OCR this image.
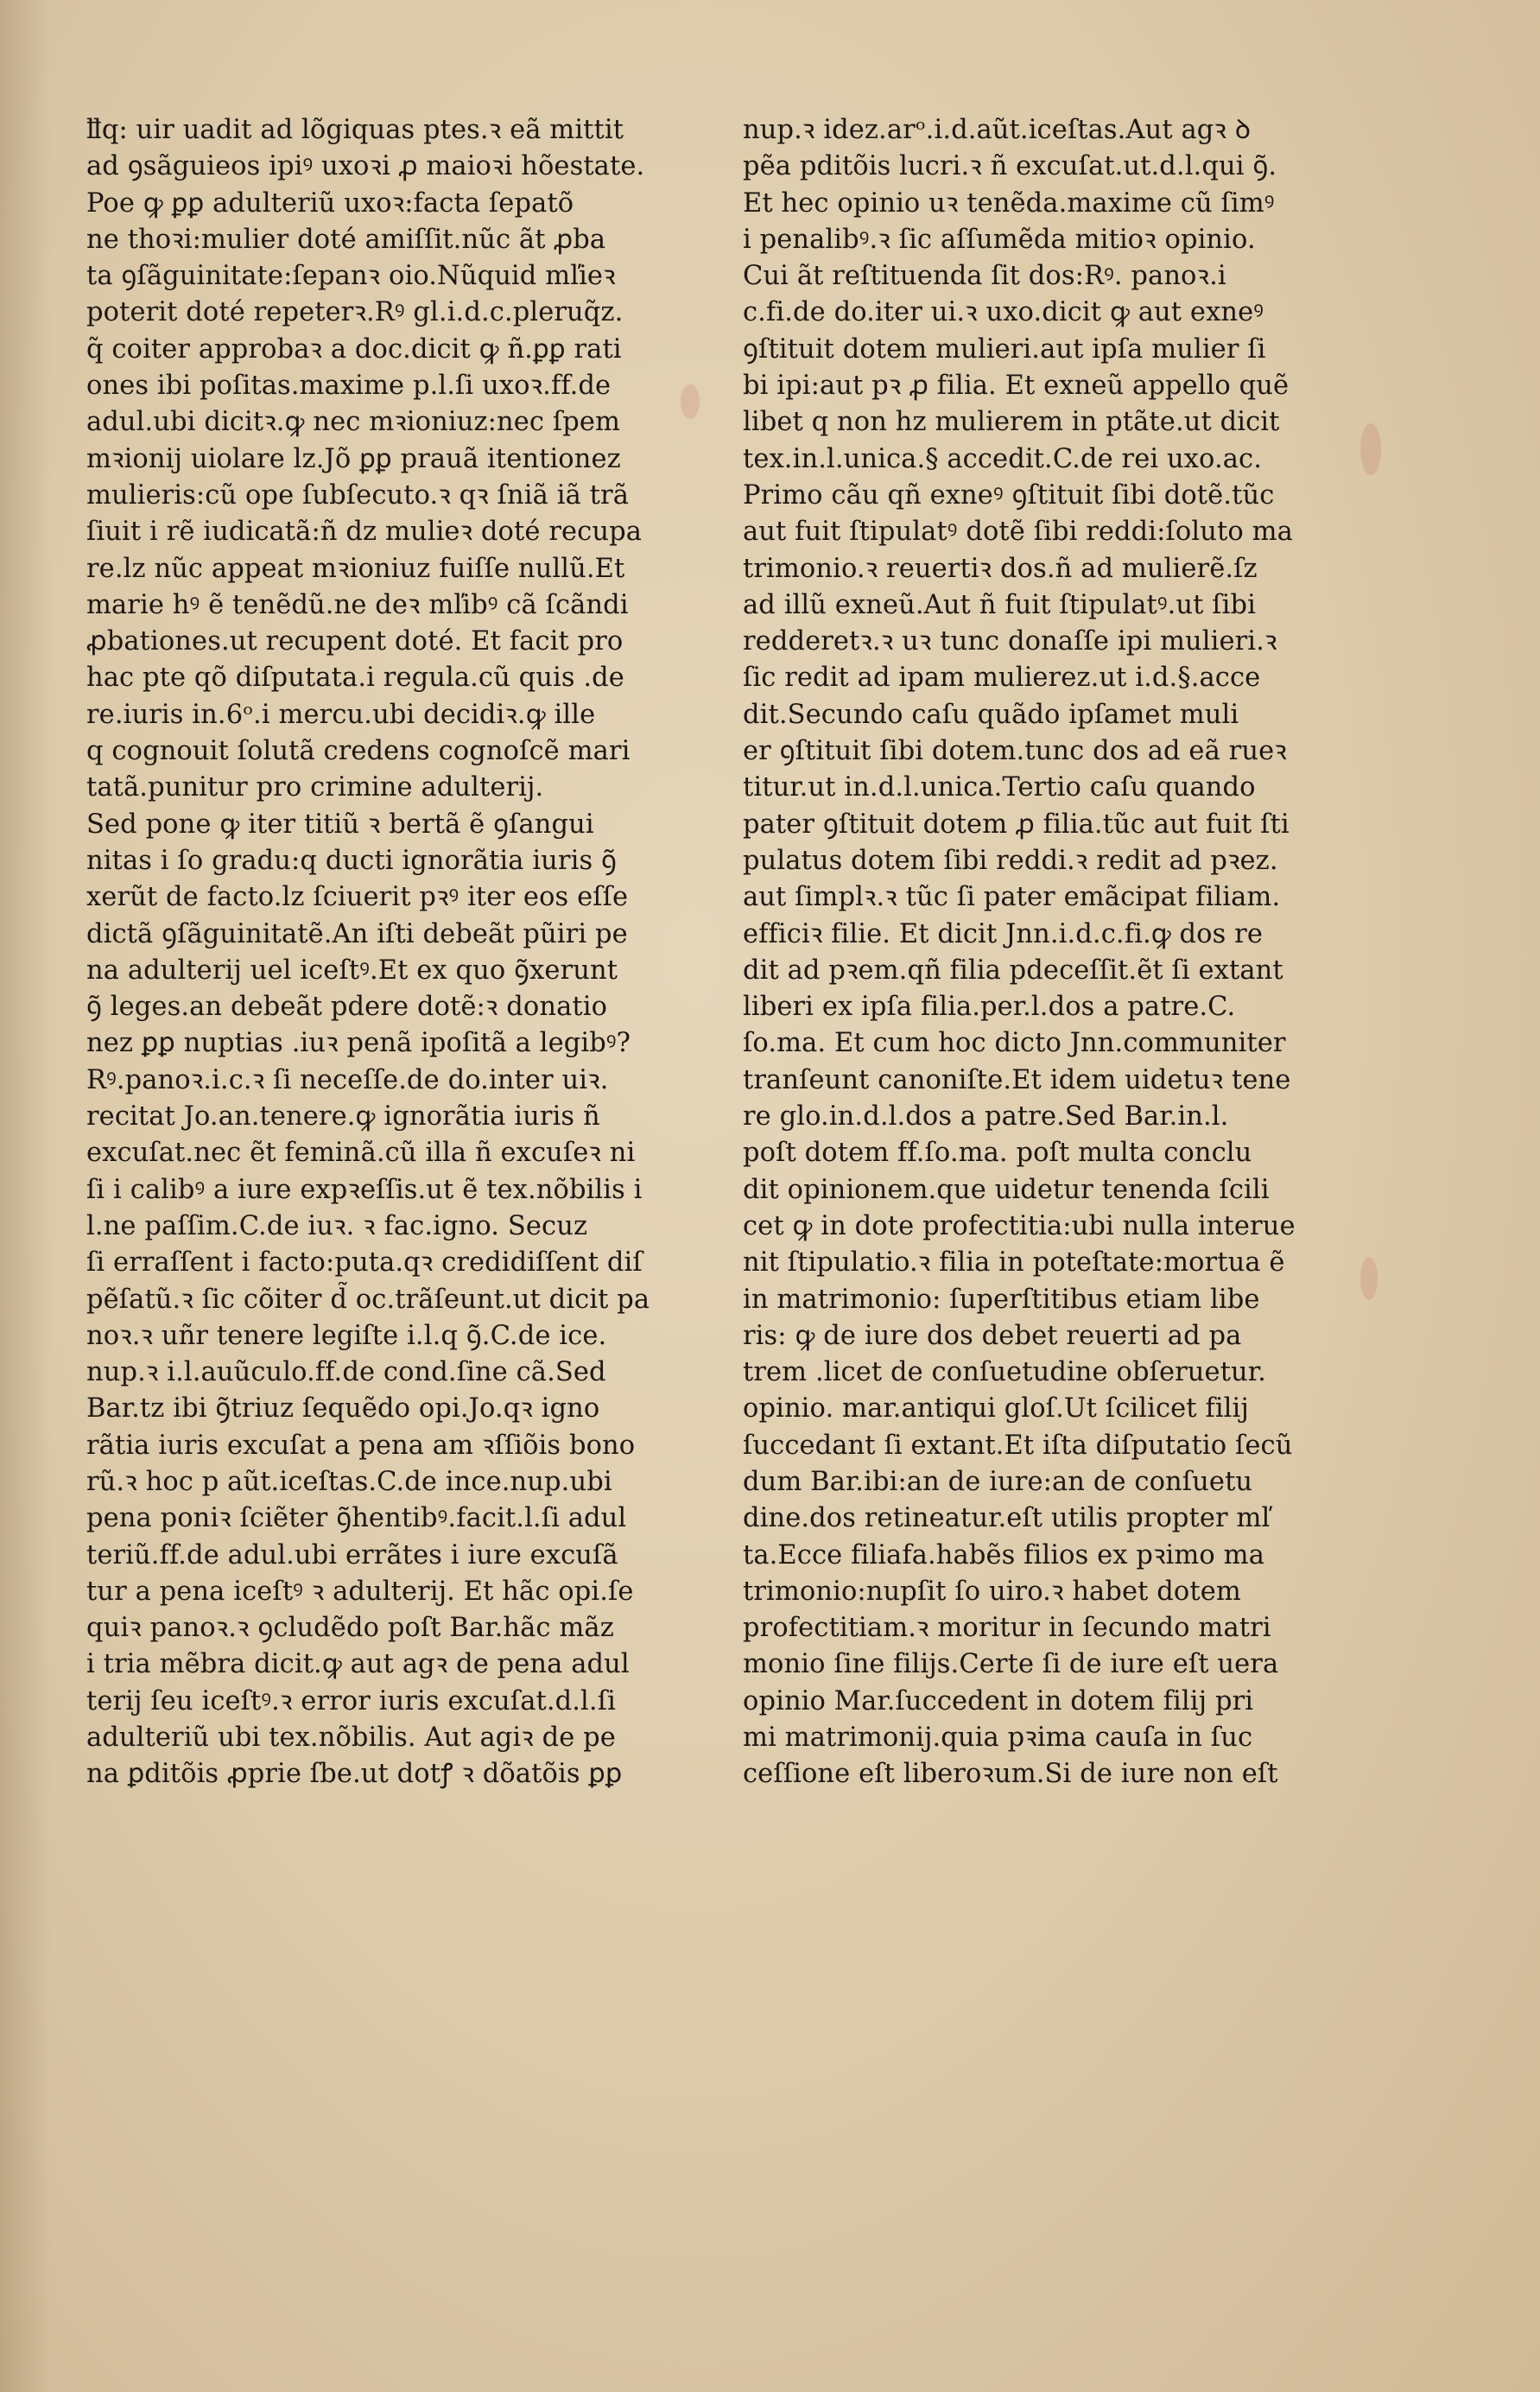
ỻq: uir uadit ad lõgiquas ptes.ꝛ eã mittit

ad ꝯsãguieos ipiꝰ uxoꝛi ꝓ maioꝛi hõestate.

Poe ꝙ ꝑꝑ adulteriũ uxoꝛ:facta ſepatõ

ne thoꝛi:mulier doté amiſſit.nũc ãt ꝓba

ta ꝯſãguinitate:ſepanꝛ oio.Nũquid mľieꝛ

poterit doté repeterꝛ.Rꝰ gl.i.d.c.pleruq̃z.

q̃ coiter approbaꝛ a doc.dicit ꝙ ñ.ꝑꝑ rati

ones ibi poſitas.maxime p.l.ſi uxoꝛ.ff.de

adul.ubi dicitꝛ.ꝙ nec mꝛioniuz:nec ſpem

mꝛionij uiolare lz.Jõ ꝑꝑ prauã itentionez

mulieris:cũ ope ſubſecuto.ꝛ qꝛ ſniã iã trã

ſiuit i rẽ iudicatã:ñ dz mulieꝛ doté recupa

re.lz nũc appeat mꝛioniuz fuiſſe nullũ.Et

marie hꝰ ẽ tenẽdũ.ne deꝛ mľibꝰ cã ſcãndi

ꝓbationes.ut recupent doté. Et facit pro

hac pte qõ diſputata.i regula.cũ quis .de

re.iuris in.6ᵒ.i mercu.ubi decidiꝛ.ꝙ ille

q cognouit ſolutã credens cognoſcẽ mari

tatã.punitur pro crimine adulterij.

Sed pone ꝙ iter titiũ ꝛ bertã ẽ ꝯſangui

nitas i ſo gradu:q ducti ignorãtia iuris ꝯ̃

xerũt de facto.lz ſciuerit pꝛꝰ iter eos eſſe

dictã ꝯſãguinitatẽ.An iſti debeãt pũiri pe

na adulterij uel iceſtꝰ.Et ex quo ꝯ̃xerunt

ꝯ̃ leges.an debeãt pdere dotẽ:ꝛ donatio

nez ꝑꝑ nuptias .iuꝛ penã ipoſitã a legibꝰ?

Rꝰ.panoꝛ.i.c.ꝛ ſi neceſſe.de do.inter uiꝛ.

recitat Jo.an.tenere.ꝙ ignorãtia iuris ñ

excuſat.nec ẽt feminã.cũ illa ñ excuſeꝛ ni

ſi i calibꝰ a iure expꝛeſſis.ut ẽ tex.nõbilis i

l.ne paſſim.C.de iuꝛ. ꝛ fac.igno. Secuz

ſi erraſſent i facto:puta.qꝛ credidiſſent diſ

pẽſatũ.ꝛ ſic cõiter d̃ oc.trãſeunt.ut dicit pa

noꝛ.ꝛ uñr tenere legiſte i.l.q ꝯ̃.C.de ice.

nup.ꝛ i.l.auũculo.ff.de cond.ſine cã.Sed

Bar.tz ibi ꝯ̃triuz ſequẽdo opi.Jo.qꝛ igno

rãtia iuris excuſat a pena am ꝛſſiõis bono

rũ.ꝛ hoc p aũt.iceſtas.C.de ince.nup.ubi

pena poniꝛ ſciẽter ꝯ̃hentibꝰ.facit.l.ſi adul

teriũ.ff.de adul.ubi errãtes i iure excuſã

tur a pena iceſtꝰ ꝛ adulterij. Et hãc opi.ſe

quiꝛ panoꝛ.ꝛ ꝯcludẽdo poſt Bar.hãc mãz

i tria mẽbra dicit.ꝙ aut agꝛ de pena adul

terij ſeu iceſtꝰ.ꝛ error iuris excuſat.d.l.ſi

adulteriũ ubi tex.nõbilis. Aut agiꝛ de pe

na ꝑditõis ꝓprie ſbe.ut dotꝭ ꝛ dõatõis ꝑꝑ

nup.ꝛ idez.arᵒ.i.d.aũt.iceſtas.Aut agꝛ ꝺ

pẽa pditõis lucri.ꝛ ñ excuſat.ut.d.l.qui ꝯ̃.

Et hec opinio uꝛ tenẽda.maxime cũ ſimꝰ

i penalibꝰ.ꝛ ſic aſſumẽda mitioꝛ opinio.

Cui ãt reſtituenda ſit dos:Rꝰ. panoꝛ.i

c.fi.de do.iter ui.ꝛ uxo.dicit ꝙ aut exneꝰ

ꝯſtituit dotem mulieri.aut ipſa mulier ſi

bi ipi:aut pꝛ ꝓ filia. Et exneũ appello quẽ

libet q non hz mulierem in ptãte.ut dicit

tex.in.l.unica.§ accedit.C.de rei uxo.ac.

Primo cãu qñ exneꝰ ꝯſtituit ſibi dotẽ.tũc

aut fuit ſtipulatꝰ dotẽ ſibi reddi:ſoluto ma

trimonio.ꝛ reuertiꝛ dos.ñ ad mulierẽ.ſz

ad illũ exneũ.Aut ñ fuit ſtipulatꝰ.ut ſibi

redderetꝛ.ꝛ uꝛ tunc donaſſe ipi mulieri.ꝛ

ſic redit ad ipam mulierez.ut i.d.§.acce

dit.Secundo caſu quãdo ipſamet muli

er ꝯſtituit ſibi dotem.tunc dos ad eã rueꝛ

titur.ut in.d.l.unica.Tertio caſu quando

pater ꝯſtituit dotem ꝓ filia.tũc aut fuit ſti

pulatus dotem ſibi reddi.ꝛ redit ad pꝛez.

aut ſimplꝛ.ꝛ tũc ſi pater emãcipat filiam.

efficiꝛ filie. Et dicit Jnn.i.d.c.fi.ꝙ dos re

dit ad pꝛem.qñ filia pdeceſſit.ẽt ſi extant

liberi ex ipſa filia.per.l.dos a patre.C.

ſo.ma. Et cum hoc dicto Jnn.communiter

tranſeunt canoniſte.Et idem uidetuꝛ tene

re glo.in.d.l.dos a patre.Sed Bar.in.l.

poſt dotem ff.ſo.ma. poſt multa conclu

dit opinionem.que uidetur tenenda ſcili

cet ꝙ in dote profectitia:ubi nulla interue

nit ſtipulatio.ꝛ filia in poteſtate:mortua ẽ

in matrimonio: ſuperſtitibus etiam libe

ris: ꝙ de iure dos debet reuerti ad pa

trem .licet de conſuetudine obſeruetur.

opinio. mar.antiqui gloſ.Ut ſcilicet filij

ſuccedant ſi extant.Et iſta diſputatio ſecũ

dum Bar.ibi:an de iure:an de conſuetu

dine.dos retineatur.eſt utilis propter mľ

ta.Ecce filiafa.habẽs filios ex pꝛimo ma

trimonio:nupſit ſo uiro.ꝛ habet dotem

profectitiam.ꝛ moritur in ſecundo matri

monio ſine filijs.Certe ſi de iure eſt uera

opinio Mar.ſuccedent in dotem filij pri

mi matrimonij.quia pꝛima cauſa in ſuc

ceſſione eſt liberoꝛum.Si de iure non eſt
